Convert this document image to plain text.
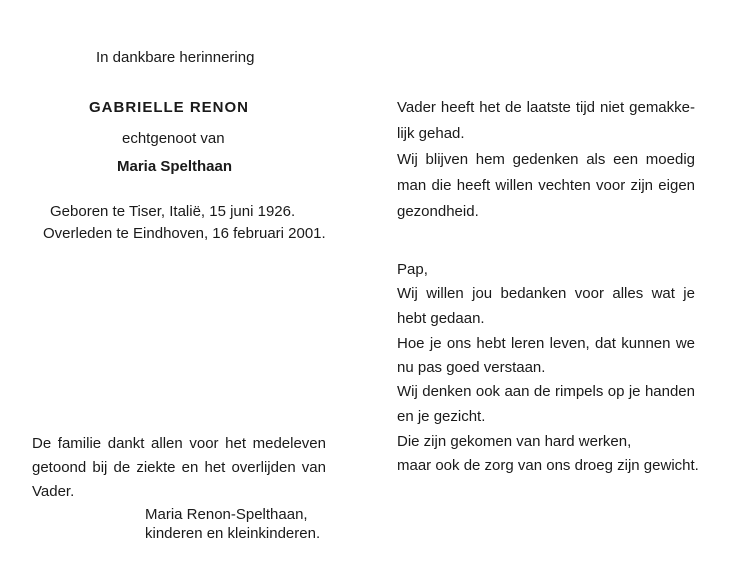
In dankbare herinnering
GABRIELLE RENON
echtgenoot van
Maria Spelthaan
Geboren te Tiser, Italië, 15 juni 1926.
Overleden te Eindhoven, 16 februari 2001.
De familie dankt allen voor het medeleven
getoond bij de ziekte en het overlijden van
Vader.
Maria Renon-Spelthaan,
kinderen en kleinkinderen.
Vader heeft het de laatste tijd niet gemakke-
lijk gehad.
Wij blijven hem gedenken als een moedig
man die heeft willen vechten voor zijn eigen
gezondheid.
Pap,
Wij willen jou bedanken voor alles wat je
hebt gedaan.
Hoe je ons hebt leren leven, dat kunnen we
nu pas goed verstaan.
Wij denken ook aan de rimpels op je handen
en je gezicht.
Die zijn gekomen van hard werken,
maar ook de zorg van ons droeg zijn gewicht.
